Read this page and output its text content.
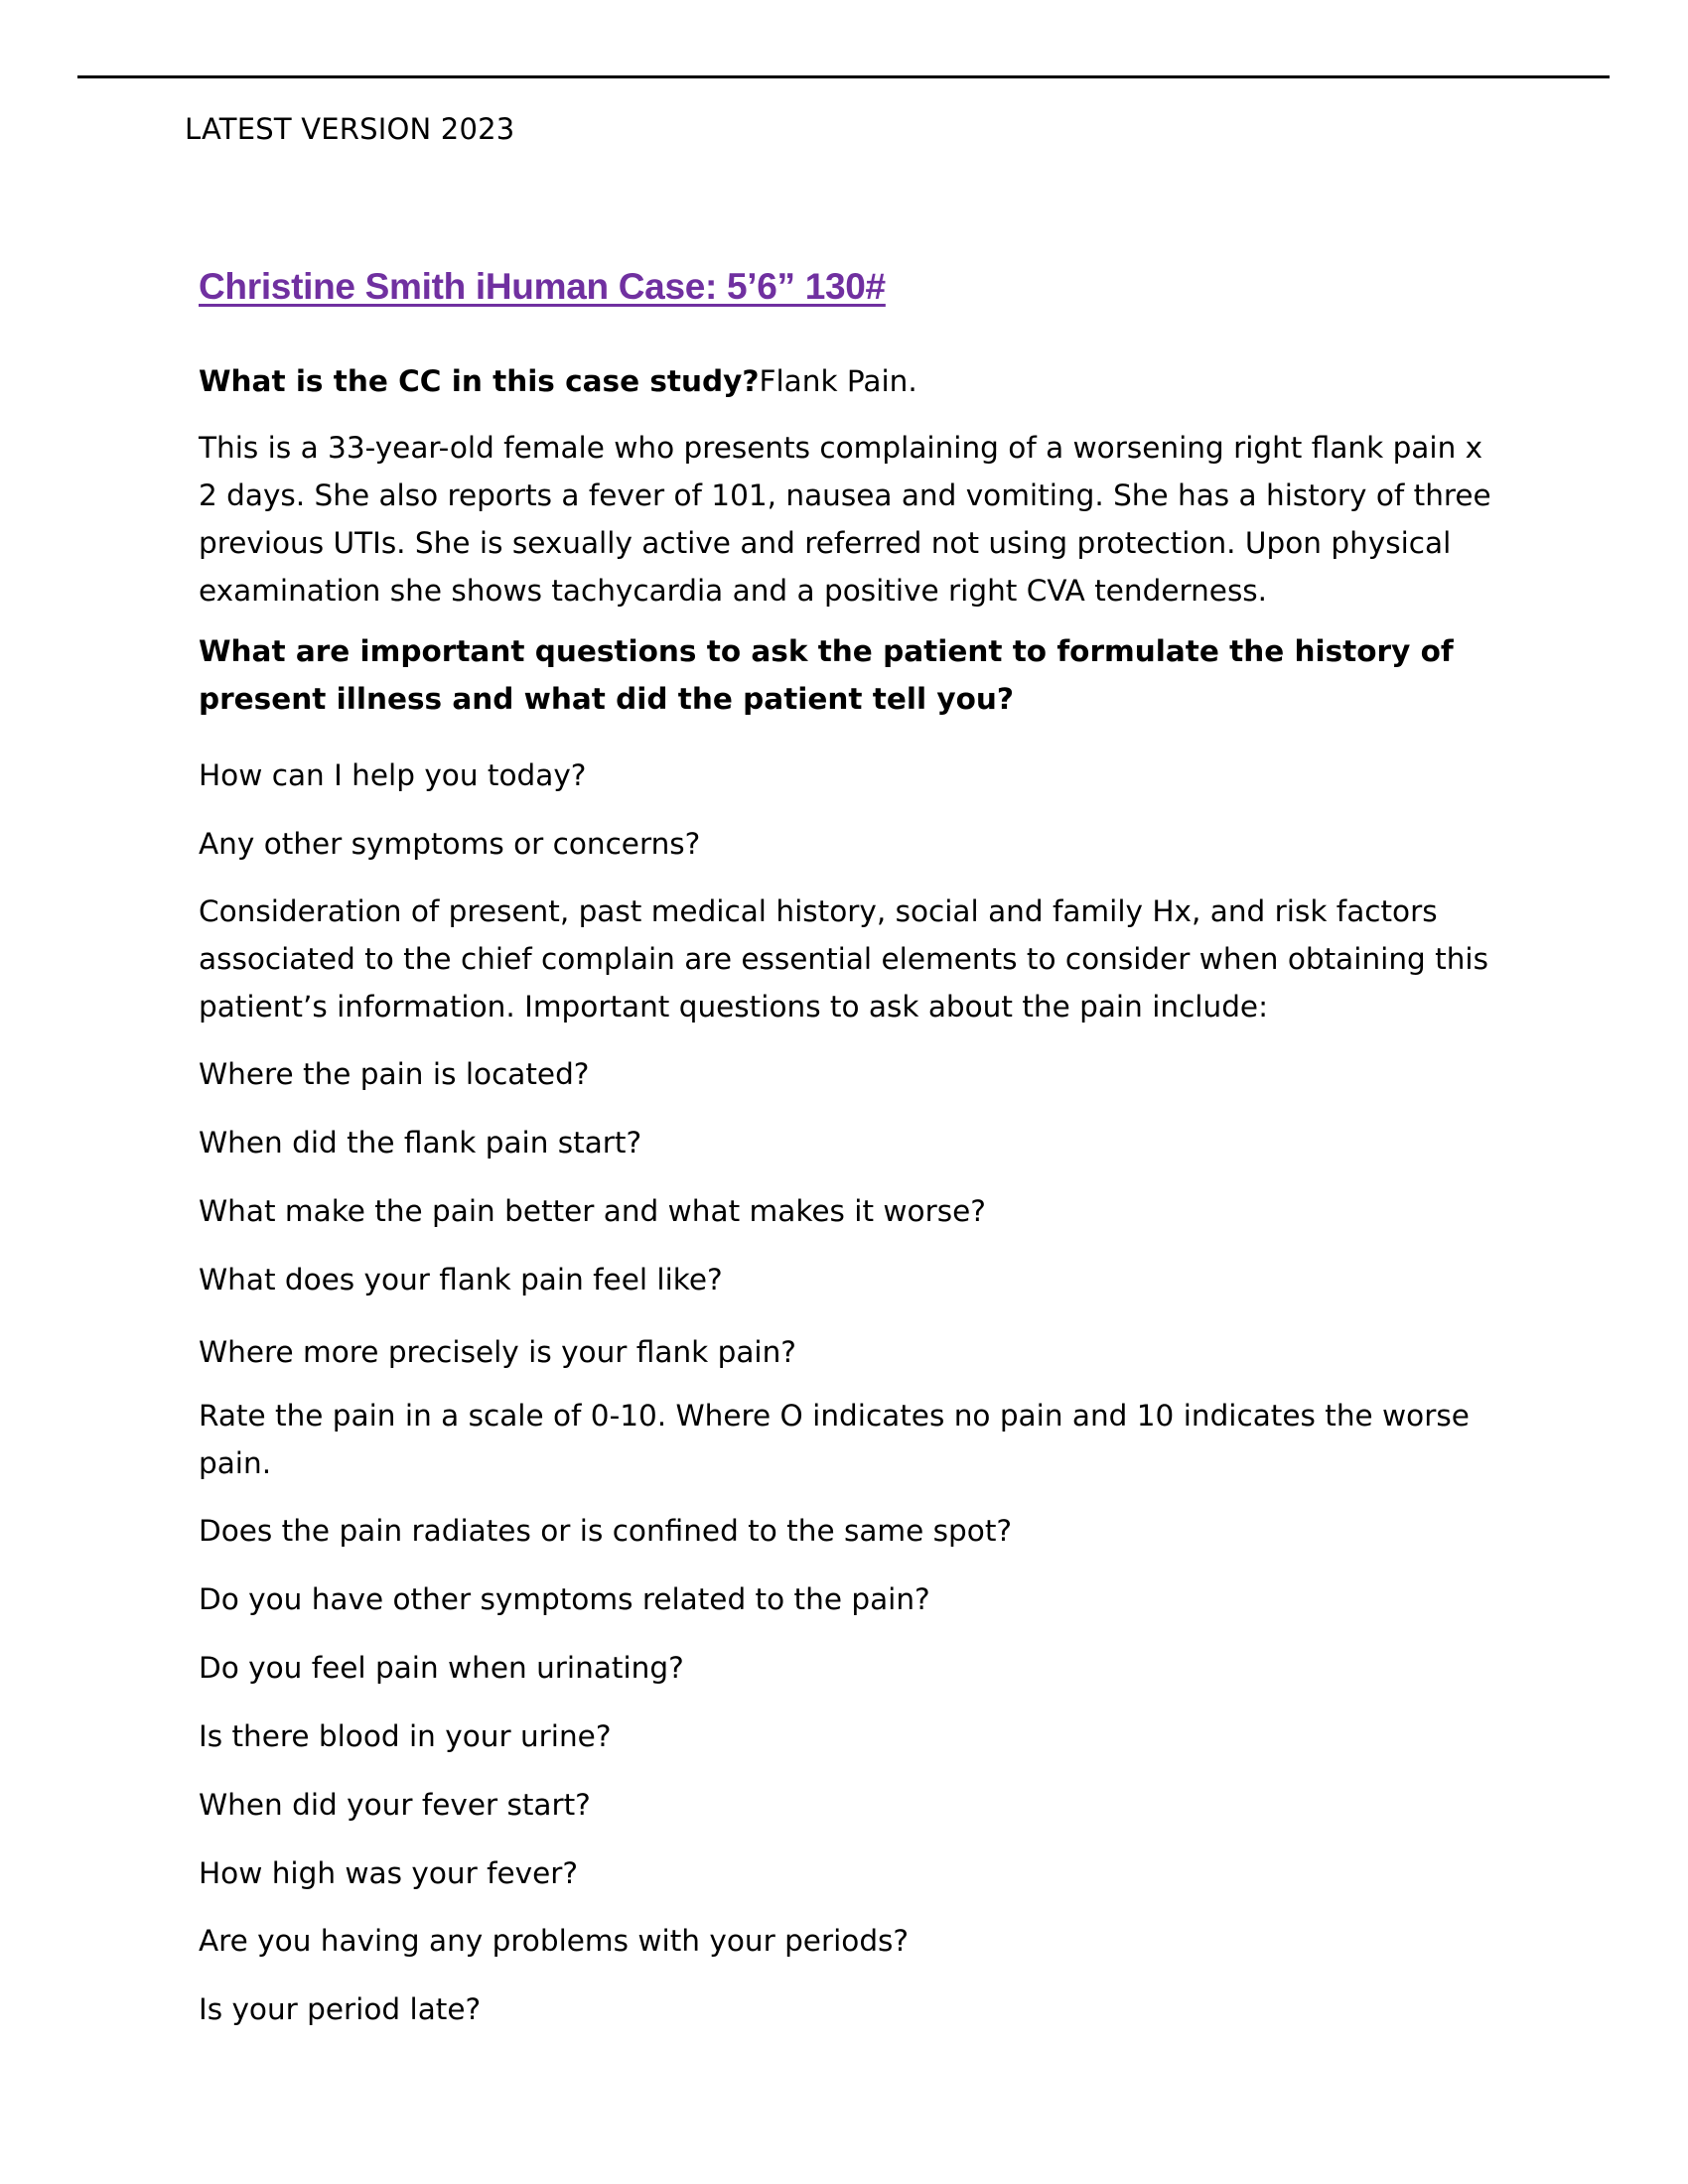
LATEST VERSION 2023
Christine Smith iHuman Case: 5’6” 130#
What is the CC in this case study?Flank Pain.
This is a 33-year-old female who presents complaining of a worsening right flank pain x
2 days. She also reports a fever of 101, nausea and vomiting. She has a history of three
previous UTIs. She is sexually active and referred not using protection. Upon physical
examination she shows tachycardia and a positive right CVA tenderness.
What are important questions to ask the patient to formulate the history of
present illness and what did the patient tell you?
How can I help you today?
Any other symptoms or concerns?
Consideration of present, past medical history, social and family Hx, and risk factors
associated to the chief complain are essential elements to consider when obtaining this
patient’s information. Important questions to ask about the pain include:
Where the pain is located?
When did the flank pain start?
What make the pain better and what makes it worse?
What does your flank pain feel like?
Where more precisely is your flank pain?
Rate the pain in a scale of 0-10. Where O indicates no pain and 10 indicates the worse
pain.
Does the pain radiates or is confined to the same spot?
Do you have other symptoms related to the pain?
Do you feel pain when urinating?
Is there blood in your urine?
When did your fever start?
How high was your fever?
Are you having any problems with your periods?
Is your period late?
